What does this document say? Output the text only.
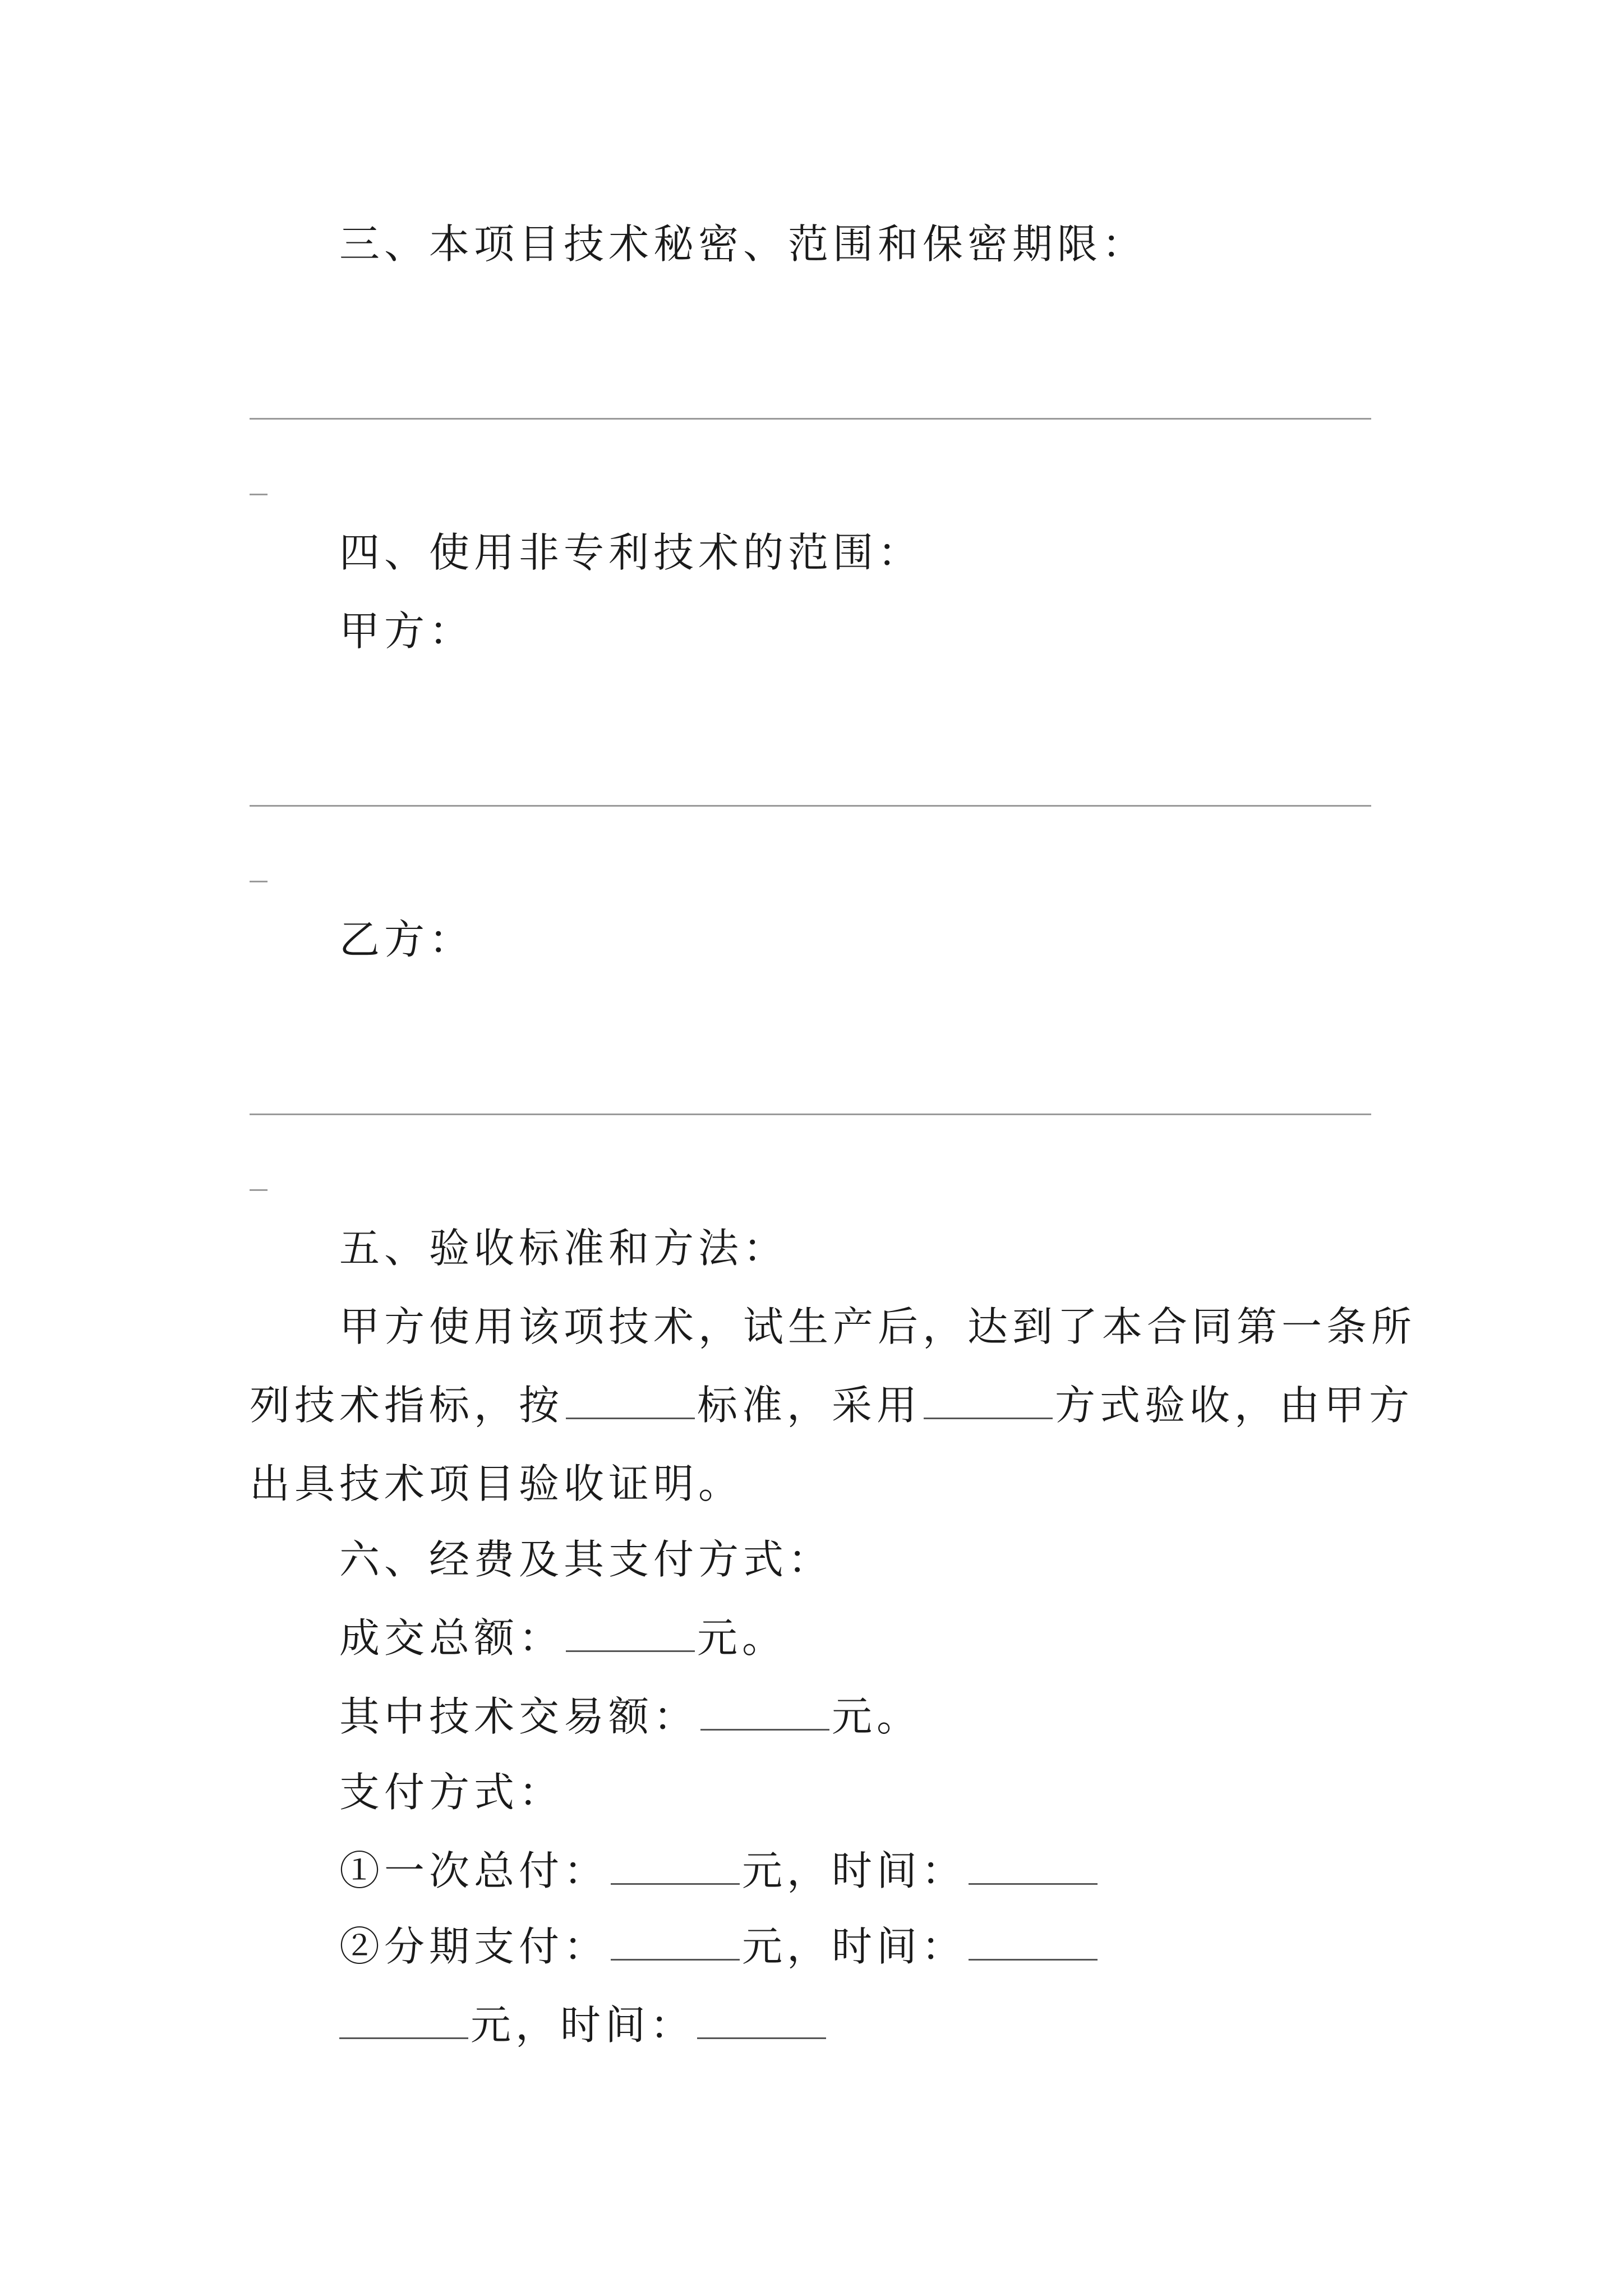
三、本项目技术秘密、范围和保密期限：
四、使用非专利技术的范围：
甲方：
乙方：
五、验收标准和方法：
甲方使用该项技术，试生产后，达到了本合同第一条所
列技术指标，按	标准，采用	方式验收，由甲方
出具技术项目验收证明。
六、经费及其支付方式：
成交总额：	元。
其中技术交易额：	元。
支付方式：
①一次总付：	元，时间：
②分期支付：	元，时间：
元，时间：
